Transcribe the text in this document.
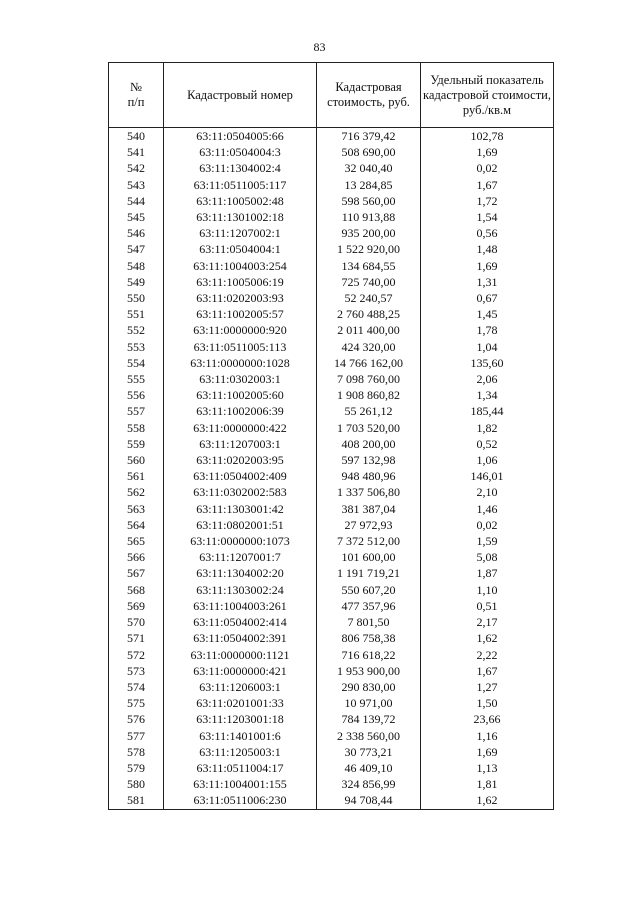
83
№
п/п	Кадастровый номер	Кадастровая стоимость, руб.	Удельный показатель кадастровой стоимости, руб./кв.м
540	63:11:0504005:66	716 379,42	102,78
541	63:11:0504004:3	508 690,00	1,69
542	63:11:1304002:4	32 040,40	0,02
543	63:11:0511005:117	13 284,85	1,67
544	63:11:1005002:48	598 560,00	1,72
545	63:11:1301002:18	110 913,88	1,54
546	63:11:1207002:1	935 200,00	0,56
547	63:11:0504004:1	1 522 920,00	1,48
548	63:11:1004003:254	134 684,55	1,69
549	63:11:1005006:19	725 740,00	1,31
550	63:11:0202003:93	52 240,57	0,67
551	63:11:1002005:57	2 760 488,25	1,45
552	63:11:0000000:920	2 011 400,00	1,78
553	63:11:0511005:113	424 320,00	1,04
554	63:11:0000000:1028	14 766 162,00	135,60
555	63:11:0302003:1	7 098 760,00	2,06
556	63:11:1002005:60	1 908 860,82	1,34
557	63:11:1002006:39	55 261,12	185,44
558	63:11:0000000:422	1 703 520,00	1,82
559	63:11:1207003:1	408 200,00	0,52
560	63:11:0202003:95	597 132,98	1,06
561	63:11:0504002:409	948 480,96	146,01
562	63:11:0302002:583	1 337 506,80	2,10
563	63:11:1303001:42	381 387,04	1,46
564	63:11:0802001:51	27 972,93	0,02
565	63:11:0000000:1073	7 372 512,00	1,59
566	63:11:1207001:7	101 600,00	5,08
567	63:11:1304002:20	1 191 719,21	1,87
568	63:11:1303002:24	550 607,20	1,10
569	63:11:1004003:261	477 357,96	0,51
570	63:11:0504002:414	7 801,50	2,17
571	63:11:0504002:391	806 758,38	1,62
572	63:11:0000000:1121	716 618,22	2,22
573	63:11:0000000:421	1 953 900,00	1,67
574	63:11:1206003:1	290 830,00	1,27
575	63:11:0201001:33	10 971,00	1,50
576	63:11:1203001:18	784 139,72	23,66
577	63:11:1401001:6	2 338 560,00	1,16
578	63:11:1205003:1	30 773,21	1,69
579	63:11:0511004:17	46 409,10	1,13
580	63:11:1004001:155	324 856,99	1,81
581	63:11:0511006:230	94 708,44	1,62
